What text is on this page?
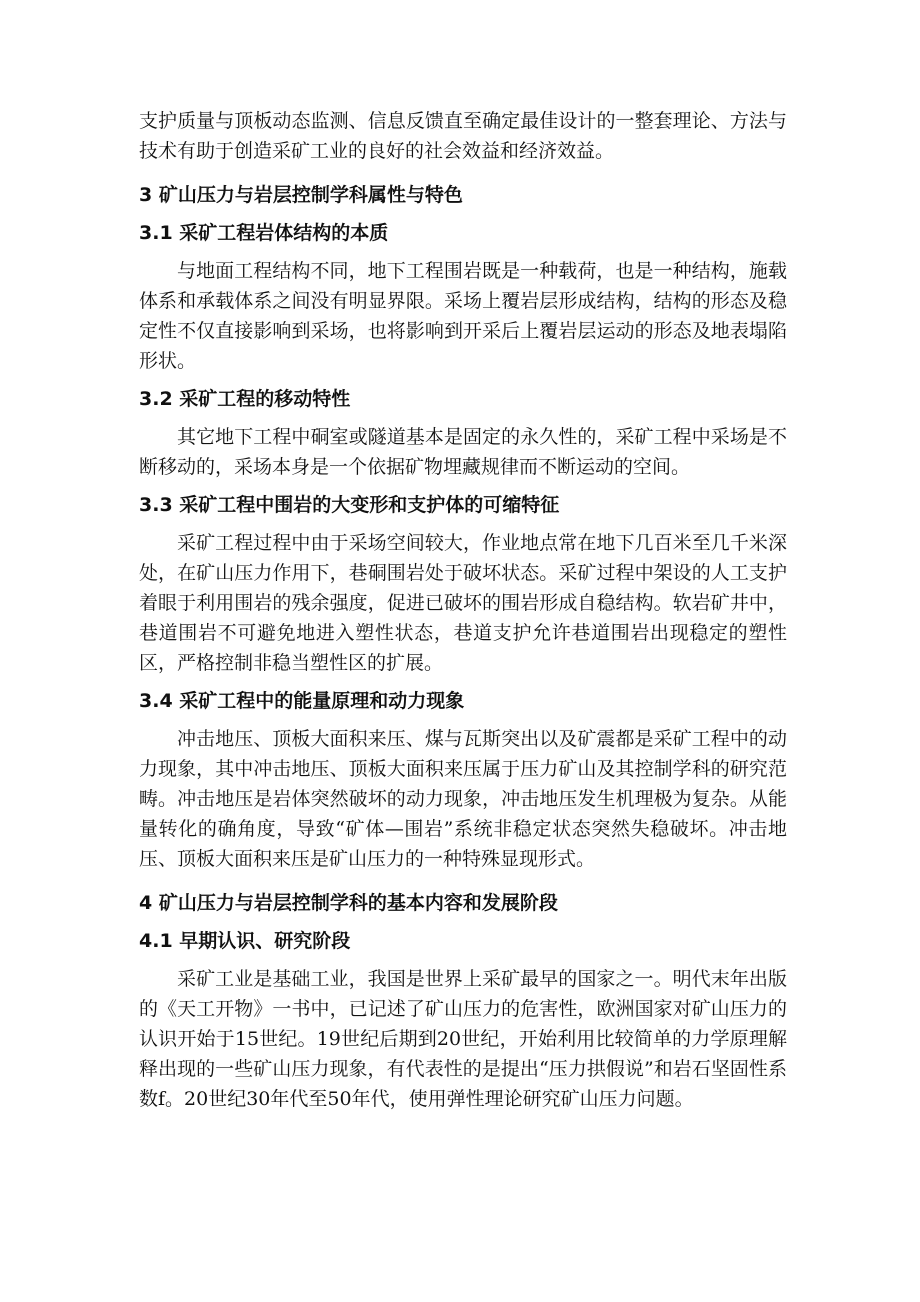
支护质量与顶板动态监测、信息反馈直至确定最佳设计的一整套理论、方法与技术有助于创造采矿工业的良好的社会效益和经济效益。

3 矿山压力与岩层控制学科属性与特色
3.1 采矿工程岩体结构的本质

与地面工程结构不同，地下工程围岩既是一种载荷，也是一种结构，施载体系和承载体系之间没有明显界限。采场上覆岩层形成结构，结构的形态及稳定性不仅直接影响到采场，也将影响到开采后上覆岩层运动的形态及地表塌陷形状。

3.2 采矿工程的移动特性

其它地下工程中硐室或隧道基本是固定的永久性的，采矿工程中采场是不断移动的，采场本身是一个依据矿物埋藏规律而不断运动的空间。

3.3 采矿工程中围岩的大变形和支护体的可缩特征

采矿工程过程中由于采场空间较大，作业地点常在地下几百米至几千米深处，在矿山压力作用下，巷硐围岩处于破坏状态。采矿过程中架设的人工支护着眼于利用围岩的残余强度，促进已破坏的围岩形成自稳结构。软岩矿井中，巷道围岩不可避免地进入塑性状态，巷道支护允许巷道围岩出现稳定的塑性区，严格控制非稳当塑性区的扩展。

3.4 采矿工程中的能量原理和动力现象

冲击地压、顶板大面积来压、煤与瓦斯突出以及矿震都是采矿工程中的动力现象，其中冲击地压、顶板大面积来压属于压力矿山及其控制学科的研究范畴。冲击地压是岩体突然破坏的动力现象，冲击地压发生机理极为复杂。从能量转化的确角度，导致“矿体—围岩”系统非稳定状态突然失稳破坏。冲击地压、顶板大面积来压是矿山压力的一种特殊显现形式。

4 矿山压力与岩层控制学科的基本内容和发展阶段
4.1 早期认识、研究阶段

采矿工业是基础工业，我国是世界上采矿最早的国家之一。明代末年出版的《天工开物》一书中，已记述了矿山压力的危害性，欧洲国家对矿山压力的认识开始于15世纪。19世纪后期到20世纪，开始利用比较简单的力学原理解释出现的一些矿山压力现象，有代表性的是提出“压力拱假说”和岩石坚固性系数f。20世纪30年代至50年代，使用弹性理论研究矿山压力问题。
